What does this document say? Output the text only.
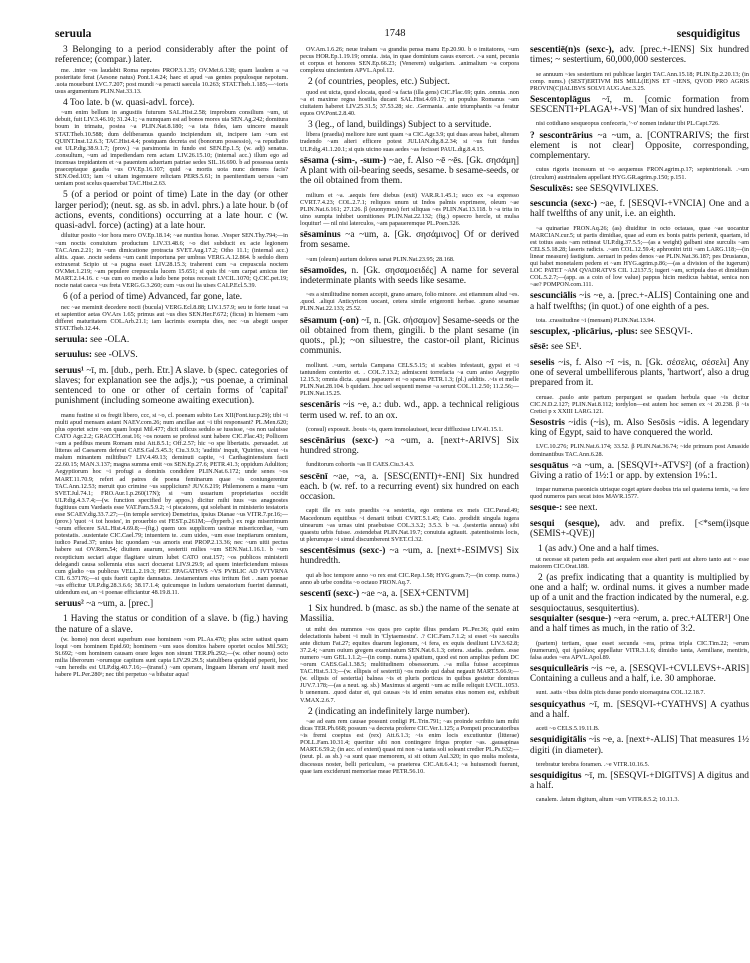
seruula	1748	sesquidigitus

3 Belonging to a period considerably after the point of reference; (compar.) later.

me. .inter ~os laudabit Roma nepotes PROP.3.1.35; OV.Met.6.138; quam laudem a ~a posteritate ferat (Aesone natus) Pont.1.4.24; haec et apud ~as gentes populosque nepotum. .uota mouebunt LVC.7.207; post mundi ~a peracti saecula 10.263; STAT.Theb.1.185;—~ioris usus argumentum PLIN.Nat.33.13.

4 Too late. b (w. quasi-advl. force).

~um enim bellum in angustiis futurum SAL.Hist.2.58; improbum consilium ~um, ut debuit, fuit LIV.3.46.10; 31.24.1; ~a numquam est ad bonos mores uia SEN.Ag.242; domitura boum in trimatu, postea ~a PLIN.Nat.8.180; ~a ista fides, iam uincere mauult STAT.Theb.10.588; dum deliberamus quando incipiendum sit, incipere iam ~um est QUINT.Inst.12.6.3; TAC.Hist.4.4; postquam decreta est (bonorum possessio), ~a repudiatio est ULP.dig.38.9.1.7; (prov.) ~a parsimonia in fundo est SEN.Ep.1.5; (w. adj) senatus. .consultum, ~um ad impediendam rem actam LIV.26.15.10; (internal acc.) illum ego ad incensas trepidantem et ~a pauentem aduertam patriae sedes SIL.16.690. b ad possessa uenis praeceptaque gaudia ~us OV.Ep.16.107; quid ~a mortis uota nunc demens facis? SEN.Oed.103; iam ~i uitam ingemuere relictam PERS.5.61; in paenitentiam uersus ~am ueniam post scelus quaerebat TAC.Hist.2.63.

5 (of a period or point of time) Late in the day (or other larger period); (neut. sg. as sb. in advl. phrs.) a late hour. b (of actions, events, conditions) occurring at a late hour. c (w. quasi-advl. force) (acting) at a late hour.

diluitur posito ~ior hora mero OV.Ep.18.14; ~ae nuntius horae. .Vesper SEN.Thy.794;—in ~um noctis conuiuium productum LIV.33.48.6; ~o diei subducit ex acie legionem TAC.Ann.2.21; in ~um dimicatione protracta SVET.Aug.17.2; Otho 11.1; (internal acc.) alitis. .quae. .nocte sedens ~um canit importuna per umbras VERG.A.12.864. b sedulo diem extraxerat Scipio ut ~a pugna esset LIV.28.15.3; traherent cum ~a crepuscula noctem OV.Met.1.219; ~am pepulere crepuscula lucem 15.651; si quis ibi ~um carpat amicus iter MART.2.14.16. c ~us cum eo medio a ludo bene potus recessit LVCIL.1070; Q.CIC.pet.19; nocte natat caeca ~us freta VERG.G.3.260; cum ~us oui lia uises CALP.Ecl.5.39.

6 (of a period of time) Advanced, far gone, late.

nec ~ae meminit decedere nocti (bucula) VERG.Ecl.8.88; LIV.1.57.9; seu te forte iuuat ~a et sapientior aetas OV.Ars 1.65; primus aut ~us dies SEN.Her.F.672; (ficus) in hiemem ~am differet maturitatem COL.Arb.21.1; iam lacrimis exempta dies, nec ~us abegit uesper STAT.Theb.12.44.

seruula: see -OLA.

seruulus: see -OLVS.

seruus¹ ~ī, m. [dub., perh. Etr.] A slave. b (spec. categories of slaves; for explanation see the adjs.); ~us poenae, a criminal sentenced to one or other of certain forms of 'capital' punishment (including someone awaiting execution).

manu fustine si os fregit libero, ccc, si ~o, cl. poenam subito Lex XII(Font.iur.p.29); tibi ~i multi apud mensam astant NAEV.com.26; num ancillae aut ~i tibi responsant? PL.Men.620; plus oportet scire ~om quam loqui Mil.477; dicit uilicus sedulo se iussisse, ~os non ualuisse CATO Agr.2.2; GRACCH.orat.16; ~os nouem se professi sunt habere CIC.Flac.43; Pollicem ~um a pedibus meum Romam misi Att.8.5.1; Off.2.57; hic ~o spe libertatis. .persuadet. .ut litteras ad Caesarem deferat CAES.Gal.5.45.3; Ciu.3.9.3; 'auditis' inquit, 'Quirites, sicut ~is malum minantem militibus'? LIV.4.49.13; deminuti capite, ~i Carthaginiensium facti 22.60.15; MAN.3.137; magna summa emit ~os SEN.Ep.27.6; PETR.41.3; oppidum Aduliton; Aegyptiorum hoc ~i profugi a dominis condidere PLIN.Nat.6.172; unde senes ~os MART.11.70.9; refert ad patres de poena feminarum quae ~is coniungerentur TAC.Ann.12.53; meruit quo crimine ~us supplicium? JUV.6.219; Philemonem a manu ~um SVET.Jul.74.1; FRO.Aur.1.p.260(17N); si ~um usuarium proprietarius occidit ULP.dig.4.3.7.4;—(w. function specified by appos.) dicitur mihi tuus ~us anagnostes fugitiuus cum Vardaeis esse VAT.Fam.5.9.2; ~i piscatores, qui solebant in ministerio testatoris esse SCAEV.dig.33.7.27;—(in temple service) Demetrius, ipsius Dianae ~us VITR.7.pr.16;—(prov.) 'quot ~i tot hostes', in prouerbio est FEST.p.261M;—(hyperb.) ex rege miserrimum ~orum effecere SAL.Hist.4.69.8;—(fig.) quem uos supplicem uestrae misericordiae, ~um potestatis. .sustentate CIC.Cael.79; intuentem te. .cum uides, ~um esse ineptiarum omnium, iudico Parad.37; unius hic quondam ~us amoris erat PROP.2.13.36; nec ~um uitii pectus habere sui OV.Rem.54; diuitem auarum, sestertii milies ~um SEN.Nat.1.16.1. b ~um recepticium sectari atque flagitare uirum lubet CATO orat.157; ~os publicos ministerii delegandi causa sollemnia eius sacri docuerat LIV.9.29.9; ad quem interficiendum missus cum gladio ~us publicus VELL.2.19.3; PEC EPAGATHVS ~VS PVBLIC AD IVTVRNA CIL 6.37176;—si quis fuerit capite damnatus. .testamentum eius irritum fiet . .nam poenae ~us efficitur ULP.dig.28.3.6.6; 38.17.1.4; quicumque in ludum uenatorium fuerint damnati, uidendum est, an ~i poenae efficiantur 48.19.8.11.

seruus² ~a ~um, a. [prec.]

1 Having the status or condition of a slave. b (fig.) having the nature of a slave.

(w. homo) non decet superbum esse hominem ~om PL.As.470; plus scire satiust quam loqui ~om hominem Epid.60; hominem ~um suos domitos habere oportet oculos Mil.563; St.692; ~om hominem causam orare leges non sinunt TER.Ph.292;—(w. other nouns) octo milia liberorum ~orumque capitum sunt capta LIV.29.29.5; statulibera quidquid peperit, hoc ~um heredis est ULP.dig.40.7.16;—(transf.) ~am operam, linguam liberam eru' iussit med habere PL.Per.280ᵃ; nec tibi perpetuo ~a bibatur aqua!

OV.Am.1.6.26; neue traham ~a grandia pensa manu Ep.20.90. b o imitatores, ~um pecus HOR.Ep.1.19.19; omnia. .ista, in quae dominium casus exercet. .~a sunt, pecunia et corpus et honores SEN.Ep.66.23; (Venerem) uulgarism. .animalium ~a corpora complexu uincientem APVL.Apol.12.

2 (of countries, peoples, etc.) Subject.

quod est uicta, quod elocata, quod ~a facta (illa gens) CIC.Flac.69; quin. .omnia. .non ~a et maxime regna hostilia ducant SAL.Hist.4.69.17; ut populus Romanus ~am ciuitatem haberet LIV.25.31.5; 37.53.28; sic. .Germania. .ante triumphantis ~a feratur equos OV.Pont.2.8.40.

3 (leg., of land, buildings) Subject to a servitude.

libera (praedia) meliore iure sunt quam ~a CIC.Agr.3.9; qui duas areas habet, alteram tradendo ~am alteri efficere potest JULIAN.dig.8.2.34; si ~us fuit fundus ULP.dig.41.1.20.1; si quis uicino suas aedes ~as fecisset PAUL.dig.8.4.15.

sēsama (-sim-, -sum-) ~ae, f. Also ~ē ~ēs. [Gk. σησάμη] A plant with oil-bearing seeds, sesame. b sesame-seeds, or the oil obtained from them.

milium et ~a. .aequis fere diebus (exit) VAR.R.1.45.1; suco ex ~a expresso CVRT.7.4.23; COL.2.7.1; reliquos unum ut Indos palmis exprimere, oleum ~ae PLIN.Nat.6.161; 27.126. β (euonymos) fert siliquas ~es PLIN.Nat.13.118. b ~a trita in uino sumpta inhibet uomitiones PLIN.Nat.22.132; (fig.) opsecro hercle, ut mulsa loquitur! — nil nisi laterculos, ~am papaueremque PL.Poen.326.

sēsaminus ~a ~um, a. [Gk. σησάμινος] Of or derived from sesame.

~um (oleum) aurium dolores sanat PLIN.Nat.23.95; 28.168.

sēsamoīdes, n. [Gk. σησαμοειδές] A name for several indeterminate plants with seeds like sesame.

~es a similitudine nomen accepit, grano amaro, folio minore. .est etiamnum aliud ~es. .quod. .aliqui Anticyricon uocant, cetera simile erigeronti herbae. .grano sesamae PLIN.Nat.22.133; 25.52.

sēsamum (-on) ~ī, n. [Gk. σήσαμον] Sesame-seeds or the oil obtained from them, gingili. b the plant sesame (in quots., pl.); ~on siluestre, the castor-oil plant, Ricinus communis.

molliunt. .~um, sertula Campana CELS.5.15; si scabies infestauit, gypsi et ~i tantundem conterito et. . COL.7.13.2; admiscent torrefacta ~a cum aniso Aegyptio 12.15.3; omnia dicta. .quasi papauere et ~o sparsa PETR.1.3; (pl.) additis. .~is et melle PLIN.Nat.28.104. b quidam. .hoc uel sequenti mense ~a serunt COL.11.2.50; 11.2.56;—PLIN.Nat.15.25.

sescenāris ~is ~e, a.: dub. wd., app. a technical religious term used w. ref. to an ox.

(consul) exposuit. .bouis ~is, quem immolauisset, iecur diffluxisse LIV.41.15.1.

sescēnārius (sexc-) ~a ~um, a. [next+-ARIVS] Six hundred strong.

funditorum cohortis ~as II CAES.Ciu.3.4.3.

sescēnī ~ae, ~a, a. [SESC(ENTI)+-ENI] Six hundred each. b (w. ref. to a recurring event) six hundred on each occasion.

capit ille ex suis praediis ~a sestertia, ego centena ex meis CIC.Parad.49; Macedonum equitibus ~i denarii tributi CVRT.5.1.45; Cato. .prodidit singula iugera uinearum ~as urnas uini praebuisse COL.3.3.2; 3.5.3. b ~a. .(sestertia annua) sibi quaestu urbis fuisse. .ostendebat PLIN.Nat.19.7; conuiuia agitauit. .patentissimis locis, ut plerumque ~i simul discumberent SVET.Cl.32.

sescentēsimus (sexc-) ~a ~um, a. [next+-ESIMVS] Six hundredth.

qui ab hoc tempore anno ~o rex erat CIC.Rep.1.58; HYG.gram.7;—(in comp. nums.) anno ab urbe condita ~o octauo FRON.Aq.7.

sescentī (sexc-) ~ae ~a, a. [SEX+CENTVM]

1 Six hundred. b (masc. as sb.) the name of the senate at Massilia.

ut mihi des nummos ~os quos pro capite illius pendam PL.Per.36; quid enim delectationis habent ~i muli in 'Clytaemestra'. .? CIC.Fam.7.1.2; si esset ~is saeculis ante dictum Fat.27; equites duarum legionum, ~i fera, ex equis desiliunt LIV.3.62.8; 37.2.4; ~arum ouium gregem examinatum SEN.Nat.6.1.3; cetera. .stadia. .pedum. .esse numero ~um GEL.1.1.2;—(in comp. nums.) spatium, quod est non amplius pedum DC ~orum CAES.Gal.1.38.5; multitudinem obsessorum. .~a milia fuisse accepimus TAC.Hist.5.13;—(w. ellipsis of sestertii) ~os modo qui dabat negauit MART.5.66.9;—(w. ellipsis of sestertia) balnea ~is et pluris porticus in quibus gestetur dominus JUV.7.178;—(as a neut. sg. sb.) Maximus si argenti ~um ac mille reliquit LVCIL.1053. b uenenum. .quod datur ei, qui causas ~is id enim senatus eius nomen est, exhibuit V.MAX.2.6.7.

2 (indicating an indefinitely large number).

~ae ad eam rem causae possunt conligi PL.Trin.791; ~as proinde scribito iam mihi dicas TER.Ph.668; possum ~a decreta proferre CIC.Ver.1.125; a Pompeii procuratoribus ~is fremi coeptus est (rex) Att.6.1.3; ~is enim locis excutiuntur (litterae) POLL.Fam.10.31.4; queritur sibi non contingere frigus propter ~as. .gausapinas MART.6.59.2; (in acc. of extent) quasi mi non ~a tanta soli soleant credier PL.Ps.632;—(neut. pl. as sb.) ~a sunt quae memorem, si sit otium Aul.320; in quo multa molesta, discessus noster, belli periculum, ~a praeterea CIC.Att.6.4.1; ~a huiusmodi fuerunt, quae iam exciderunt memoriae meae PETR.56.10.

sescentiē(n)s (sexc-), adv. [prec.+-IENS] Six hundred times; ~ sestertium, 60,000,000 sesterces.

se annuum ~ies sestertium rei publicae largiri TAC.Ann.15.18; PLIN.Ep.2.20.13; (in comp. nums.) (SEST)ERTIVM BIS MILL(IE)NS ET ~IENS, QVOD PRO AGRIS PROVIN(C)IALIBVS SOLVI AUG.Anc.3.25.

Sescentoplāgus ~ī, m. [comic formation from SESCENTI+PLAGA¹+-VS] 'Man of six hundred lashes'.

nisi cotidiano sesqueopus confeceris, '~o' nomen indatur tibi PL.Capt.726.

? sescontrārius ~a ~um, a. [CONTRARIVS; the first element is not clear] Opposite, corresponding, complementary.

cuius rigoris incessum ut ~o aequemus FRON.agrim.p.17; septentrionali. .~um (circulum) austrinalem appellant HYG.GR.agrim.p.150; p.151.

Sesculixēs: see SESQVIVLIXES.

sescuncia (sexc-) ~ae, f. [SESQVI-+VNCIA] One and a half twelfths of any unit, i.e. an eighth.

~a quinariae FRON.Aq.26; (as) diuiditur in octo octauas, quae ~ae uocantur MARCIAN.cur.5; ut partis dimidiae, quae ad eum ex bonis patris pertenit, quartam, id est totius assis ~am retineat ULP.dig.37.5.5;—(as a weight) galbani sine surculis ~am CELS.5.18.28; laseris radicis. .~am COL.12.59.4; aphronitri triti ~am LARG.118;—(in linear measure) fastigium. .seruari in pedes denos ~ae PLIN.Nat.36.187; pes Drusianus, qui habet monetalem pedem et ~am HYG.agrim.p.86;—(as a division of the iugerum) LOC PATET ~AM QVADRATVS CIL 1.2137.5; iugeri ~am, scripula duo et dimidium COL.5.2.7;—(app. as a coin of low value) pappus hicin medicus habitat, senica non ~ae? POMPON.com.111.

sescunciālis ~is ~e, a. [prec.+-ALIS] Containing one and a half twelfths; (in quot.) of one eighth of a pes.

tota. .crassitudine ~i (mensam) PLIN.Nat.13.94.

sescuplex, -plicārius, -plus: see SESQVI-.

sēsē: see SE¹.

seselis ~is, f. Also ~ī ~is, n. [Gk. σέσελις, σέσελι] Any one of several umbelliferous plants, 'hartwort', also a drug prepared from it.

ceruae. .paulo ante partum perpurgant se quadam herbula quae ~is dicitur CIC.N.D.2.127; PLIN.Nat.8.112; tordylon—est autem hoc semen ex ~i 20.238. β ~is Cretici p x XXIII LARG.121.

Sesostris ~idis (~is), m. Also Sesōsis ~idis. A legendary king of Egypt, said to have conquered the world.

LVC.10.276; PLIN.Nat.6.174; 33.52. β PLIN.Nat.36.74; ~ide primum post Amaside dominantibus TAC.Ann.6.28.

sesquātus ~a ~um, a. [SESQVI+-ATVS²] (of a fraction) Giving a ratio of 1½:1 or app. by extension 1ⁿ⁄ₙ:1.

impar numerus paeonicis utrisque coget aptare duobus tria uel quaterna ternis, ~a fere quod numeros pars secat istos MAVR.1577.

sesque-: see next.

sesqui (sesque), adv. and prefix. [<*sem(i)sque (SEMIS+-QVE)]

1 (as adv.) One and a half times.

ut necesse sit partem pedis aut aequalem esse alteri parti aut altero tanto aut ~ esse maiorem CIC.Orat.188.

2 (as prefix indicating that a quantity is multiplied by one and a half; w. ordinal nums. it gives a number made up of a unit and the fraction indicated by the numeral, e.g. sesquioctauus, sesquitertius).

sesquialter (sesque-) ~era ~erum, a. prec.+ALTER¹] One and a half times as much, in the ratio of 3:2.

(partem) tertiam, quae esset secunda ~era, prima tripla CIC.Tim.22; ~erum (numerum), qui ἡμιόλιος appellatur VITR.3.1.6; dimidio tanta, Aemiliane, mentiris, falsa audes ~era APVL.Apol.89.

sesquiculleāris ~is ~e, a. [SESQVI-+CVLLEVS+-ARIS] Containing a culleus and a half, i.e. 30 amphorae.

sunt. .satis ~ibus doliis picis durae pondo uicenaquina COL.12.18.7.

sesquicyathus ~ī, m. [SESQVI-+CYATHVS] A cyathus and a half.

aceti ~o CELS.5.19.11.B.

sesquidigitālis ~is ~e, a. [next+-ALIS] That measures 1½ digiti (in diameter).

terebratur terebra foramen. .~e VITR.10.16.5.

sesquidigitus ~ī, m. [SESQVI-+DIGITVS] A digitus and a half.

canalem. .latum digitum, altum ~um VITR.8.5.2; 10.11.3.
